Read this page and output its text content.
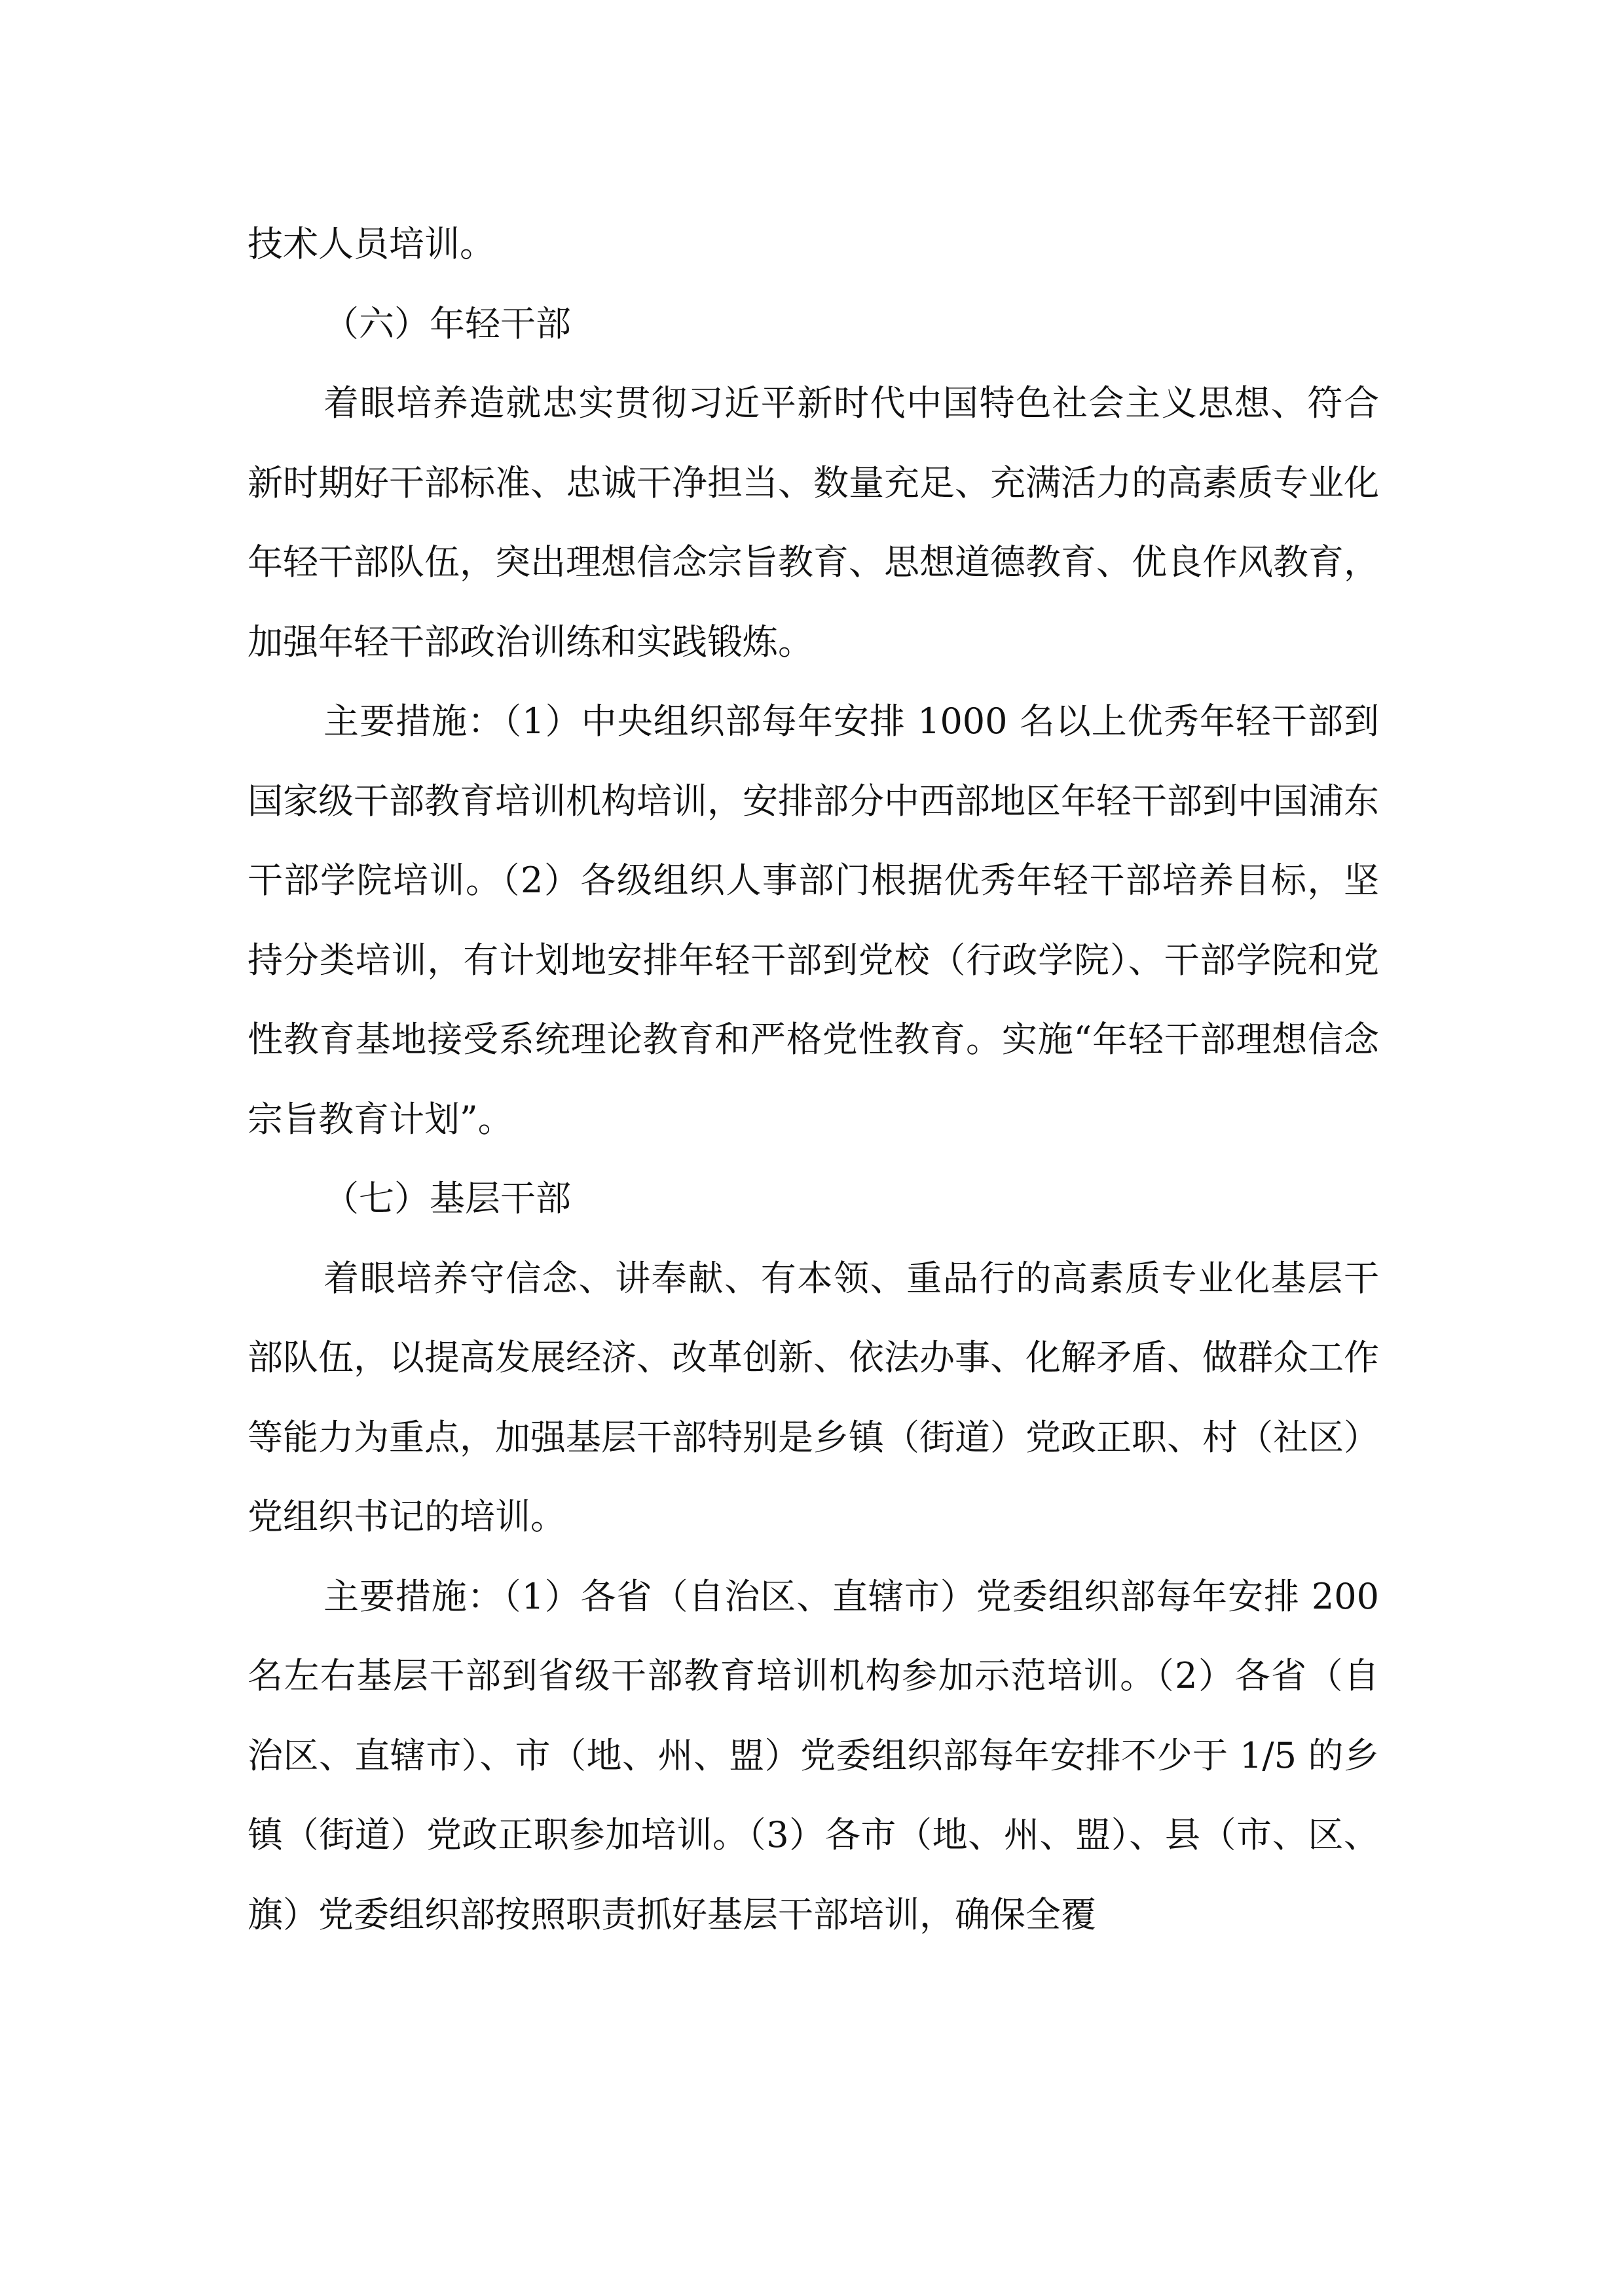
技术人员培训。

（六）年轻干部

着眼培养造就忠实贯彻习近平新时代中国特色社会主义思想、符合新时期好干部标准、忠诚干净担当、数量充足、充满活力的高素质专业化年轻干部队伍，突出理想信念宗旨教育、思想道德教育、优良作风教育，加强年轻干部政治训练和实践锻炼。

主要措施：（1）中央组织部每年安排 1000 名以上优秀年轻干部到国家级干部教育培训机构培训，安排部分中西部地区年轻干部到中国浦东干部学院培训。（2）各级组织人事部门根据优秀年轻干部培养目标，坚持分类培训，有计划地安排年轻干部到党校（行政学院）、干部学院和党性教育基地接受系统理论教育和严格党性教育。实施“年轻干部理想信念宗旨教育计划”。

（七）基层干部

着眼培养守信念、讲奉献、有本领、重品行的高素质专业化基层干部队伍，以提高发展经济、改革创新、依法办事、化解矛盾、做群众工作等能力为重点，加强基层干部特别是乡镇（街道）党政正职、村（社区）党组织书记的培训。

主要措施：（1）各省（自治区、直辖市）党委组织部每年安排 200 名左右基层干部到省级干部教育培训机构参加示范培训。（2）各省（自治区、直辖市）、市（地、州、盟）党委组织部每年安排不少于 1/5 的乡镇（街道）党政正职参加培训。（3）各市（地、州、盟）、县（市、区、旗）党委组织部按照职责抓好基层干部培训，确保全覆
